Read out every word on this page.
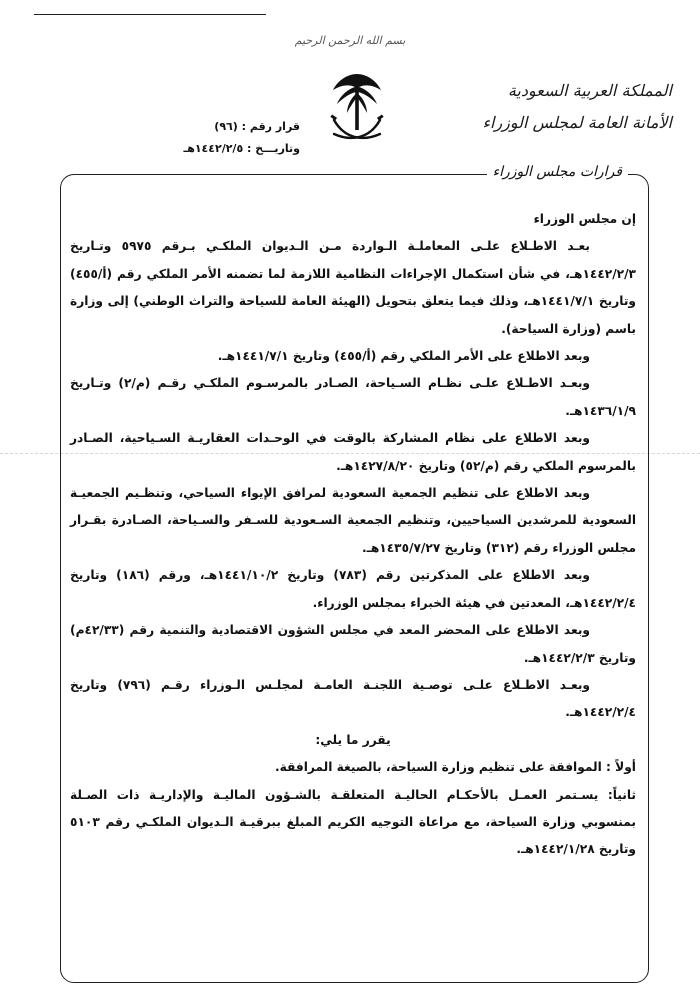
بسم الله الرحمن الرحيم
المملكة العربية السعودية
الأمانة العامة لمجلس الوزراء
قرار رقم : (٩٦)
وتاريـــخ : ١٤٤٢/٢/٥هـ
قرارات مجلس الوزراء

إن مجلس الوزراء

بعـد الاطـلاع علـى المعاملـة الـواردة مـن الـديوان الملكـي بـرقم ٥٩٧٥ وتـاريخ ١٤٤٢/٢/٣هـ، في شأن استكمال الإجراءات النظامية اللازمة لما تضمنه الأمر الملكي رقم (أ/٤٥٥) وتاريخ ١٤٤١/٧/١هـ، وذلك فيما يتعلق بتحويل (الهيئة العامة للسياحة والتراث الوطني) إلى وزارة باسم (وزارة السياحة).

وبعد الاطلاع على الأمر الملكي رقم (أ/٤٥٥) وتاريخ ١٤٤١/٧/١هـ.

وبعـد الاطـلاع علـى نظـام السـياحة، الصـادر بالمرسـوم الملكـي رقـم (م/٢) وتـاريخ ١٤٣٦/١/٩هـ.

وبعد الاطلاع على نظام المشاركة بالوقت في الوحـدات العقاريـة السـياحية، الصـادر بالمرسوم الملكي رقم (م/٥٢) وتاريخ ١٤٢٧/٨/٢٠هـ.

وبعد الاطلاع على تنظيم الجمعية السعودية لمرافق الإيواء السياحي، وتنظـيم الجمعيـة السعودية للمرشدين السياحيين، وتنظيم الجمعية السـعودية للسـفر والسـياحة، الصـادرة بقـرار مجلس الوزراء رقم (٣١٢) وتاريخ ١٤٣٥/٧/٢٧هـ.

وبعد الاطلاع على المذكرتين رقم (٧٨٣) وتاريخ ١٤٤١/١٠/٢هـ، ورقم (١٨٦) وتاريخ ١٤٤٢/٢/٤هـ، المعدتين في هيئة الخبراء بمجلس الوزراء.

وبعد الاطلاع على المحضر المعد في مجلس الشؤون الاقتصادية والتنمية رقم (٤٢/٣٣م) وتاريخ ١٤٤٢/٢/٣هـ.

وبعـد الاطـلاع علـى توصـية اللجنـة العامـة لمجلـس الـوزراء رقـم (٧٩٦) وتاريخ ١٤٤٢/٢/٤هـ.

يقرر ما يلي:

أولاً : الموافقة على تنظيم وزارة السياحة، بالصيغة المرافقة.

ثانياً: يسـتمر العمـل بالأحكـام الحاليـة المتعلقـة بالشـؤون الماليـة والإداريـة ذات الصـلة بمنسوبي وزارة السياحة، مع مراعاة التوجيه الكريم المبلغ ببرقيـة الـديوان الملكـي رقم ٥١٠٣ وتاريخ ١٤٤٢/١/٢٨هـ.
